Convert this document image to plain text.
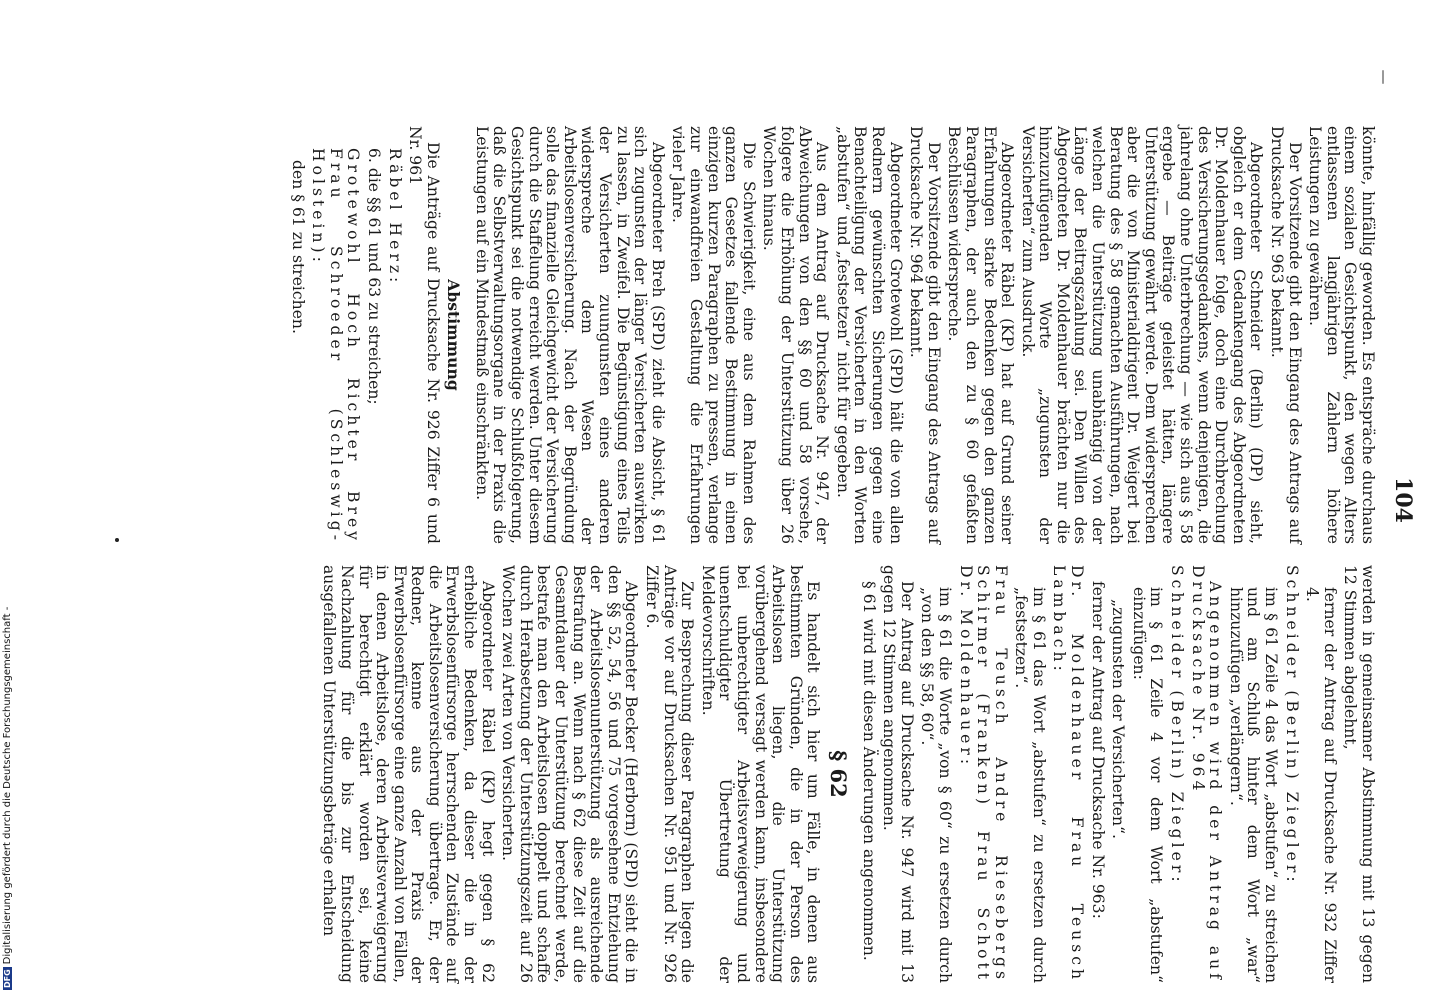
104

könnte, hinfällig geworden. Es entspräche durchaus einem sozialen Gesichtspunkt, den wegen Alters entlassenen langjährigen Zahlern höhere Leistungen zu gewähren.

Der Vorsitzende gibt den Eingang des Antrags auf Drucksache Nr. 963 bekannt.

Abgeordneter Schneider (Berlin) (DP) sieht, obgleich er dem Gedankengang des Abgeordneten Dr. Moldenhauer folge, doch eine Durchbrechung des Versicherungsgedankens, wenn denjenigen, die jahrelang ohne Unterbrechung — wie sich aus § 58 ergebe — Beiträge geleistet hätten, längere Unterstützung gewährt werde. Dem widersprechen aber die von Ministerialdirigent Dr. Weigert bei Beratung des § 58 gemachten Ausführungen, nach welchen die Unterstützung unabhängig von der Länge der Beitragszahlung sei. Den Willen des Abgeordneten Dr. Moldenhauer brächten nur die hinzuzufügenden Worte „zugunsten der Versicherten“ zum Ausdruck.

Abgeordneter Räbel (KP) hat auf Grund seiner Erfahrungen starke Bedenken gegen den ganzen Paragraphen, der auch den zu § 60 gefaßten Beschlüssen widerspreche.

Der Vorsitzende gibt den Eingang des Antrags auf Drucksache Nr. 964 bekannt.

Abgeordneter Grotewohl (SPD) hält die von allen Rednern gewünschten Sicherungen gegen eine Benachteiligung der Versicherten in den Worten „abstufen“ und „festsetzen“ nicht für gegeben.

Aus dem Antrag auf Drucksache Nr. 947, der Abweichungen von den §§ 60 und 58 vorsehe, folgere die Erhöhung der Unterstützung über 26 Wochen hinaus.

Die Schwierigkeit, eine aus dem Rahmen des ganzen Gesetzes fallende Bestimmung in einen einzigen kurzen Paragraphen zu pressen, verlange zur einwandfreien Gestaltung die Erfahrungen vieler Jahre.

Abgeordneter Breh (SPD) zieht die Absicht, § 61 sich zugunsten der länger Versicherten auswirken zu lassen, in Zweifel. Die Begünstigung eines Teils der Versicherten zuungunsten eines anderen widerspreche dem Wesen der Arbeitslosenversicherung. Nach der Begründung solle das finanzielle Gleichgewicht der Versicherung durch die Staffelung erreicht werden. Unter diesem Gesichtspunkt sei die notwendige Schlußfolgerung, daß die Selbstverwaltungsorgane in der Praxis die Leistungen auf ein Mindestmaß einschränkten.

Abstimmung

Die Anträge auf Drucksache Nr. 926 Ziffer 6 und Nr. 961

Räbel Herz:

6. die §§ 61 und 63 zu streichen;

Grotewohl Hoch Richter Brey Frau Schroeder (Schleswig-Holstein):

den § 61 zu streichen.

werden in gemeinsamer Abstimmung mit 13 gegen 12 Stimmen abgelehnt,

ferner der Antrag auf Drucksache Nr. 932 Ziffer 4.

Schneider (Berlin) Ziegler:

im § 61 Zeile 4 das Wort „abstufen“ zu streichen und am Schluß hinter dem Wort „war“ hinzuzufügen „verlängern“.

Angenommen wird der Antrag auf Drucksache Nr. 964

Schneider (Berlin) Ziegler:

im § 61 Zeile 4 vor dem Wort „abstufen“ einzufügen:

„zugunsten der Versicherten“.

ferner der Antrag auf Drucksache Nr. 963:

Dr. Moldenhauer Frau Teusch Lambach:

im § 61 das Wort „abstufen“ zu ersetzen durch „festsetzen“.

Frau Teusch Andre Riesebergs Schirmer (Franken) Frau Schott Dr. Moldenhauer:

im § 61 die Worte „von § 60“ zu ersetzen durch „von den §§ 58, 60“.

Der Antrag auf Drucksache Nr. 947 wird mit 13 gegen 12 Stimmen angenommen.

§ 61 wird mit diesen Änderungen angenommen.

§ 62

Es handelt sich hier um Fälle, in denen aus bestimmten Gründen, die in der Person des Arbeitslosen liegen, die Unterstützung vorübergehend versagt werden kann, insbesondere bei unberechtigter Arbeitsverweigerung und unentschuldigter Übertretung der Meldevorschriften.

Zur Besprechung dieser Paragraphen liegen die Anträge vor auf Drucksachen Nr. 951 und Nr. 926 Ziffer 6.

Abgeordneter Becker (Herborn) (SPD) sieht die in den §§ 52, 54, 56 und 75 vorgesehene Entziehung der Arbeitslosenunterstützung als ausreichende Bestrafung an. Wenn nach § 62 diese Zeit auf die Gesamtdauer der Unterstützung berechnet werde, bestrafe man den Arbeitslosen doppelt und schaffe durch Herabsetzung der Unterstützungszeit auf 26 Wochen zwei Arten von Versicherten.

Abgeordneter Räbel (KP) hegt gegen § 62 erhebliche Bedenken, da dieser die in der Erwerbslosenfürsorge herrschenden Zustände auf die Arbeitslosenversicherung übertrage. Er, der Redner, kenne aus der Praxis der Erwerbslosenfürsorge eine ganze Anzahl von Fällen, in denen Arbeitslose, deren Arbeitsverweigerung für berechtigt erklärt worden sei, keine Nachzahlung für die bis zur Entscheidung ausgefallenen Unterstützungsbeträge erhalten

DFGDigitalisierung gefördert durch die Deutsche Forschungsgemeinschaft -
